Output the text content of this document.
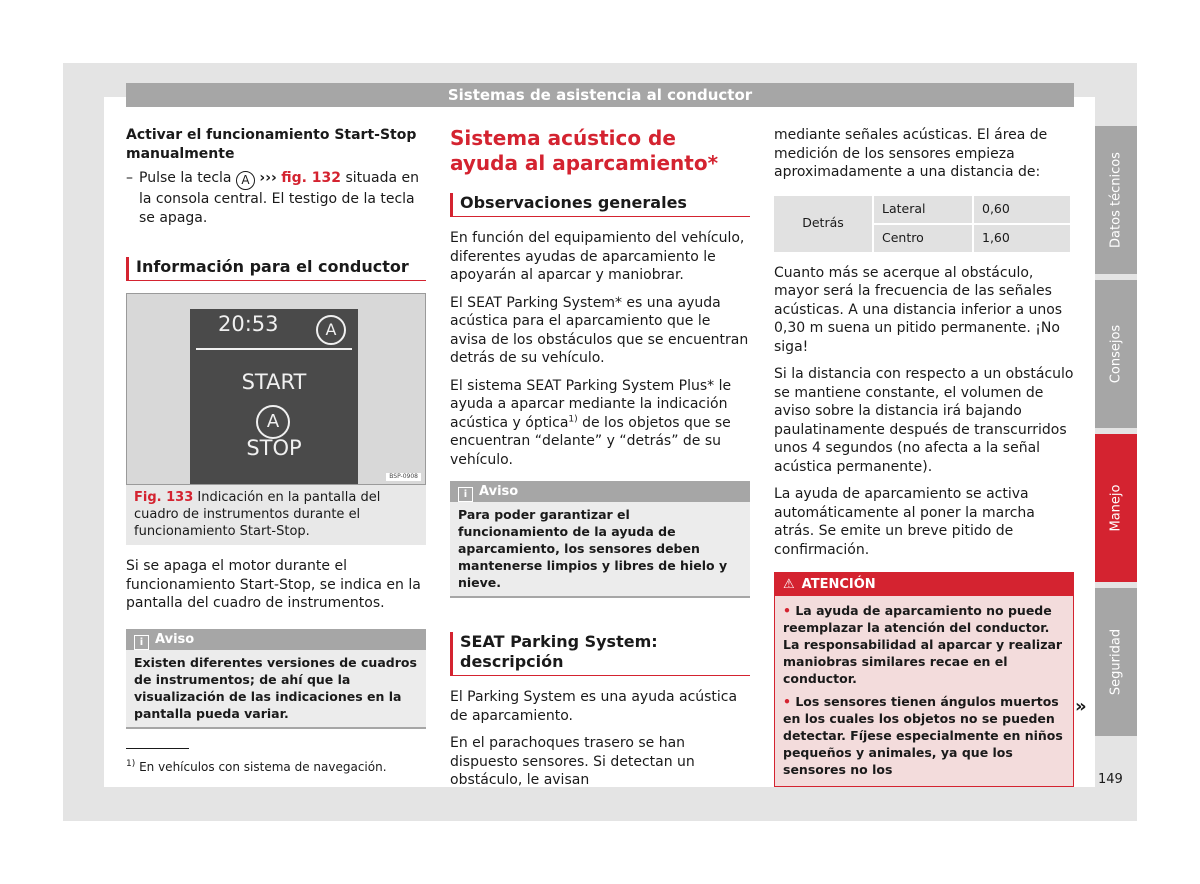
Sistemas de asistencia al conductor
Datos técnicos
Consejos
Manejo
Seguridad

Activar el funcionamiento Start-Stop manualmente

– Pulse la tecla A ››› fig. 132 situada en la consola central. El testigo de la tecla se apaga.
Información para el conductor
20:53	A
START
A
STOP
BSP-0908
Fig. 133 Indicación en la pantalla del cuadro de instrumentos durante el funcionamiento Start-Stop.

Si se apaga el motor durante el funcionamiento Start-Stop, se indica en la pantalla del cuadro de instrumentos.

i Aviso
Existen diferentes versiones de cuadros de instrumentos; de ahí que la visualización de las indicaciones en la pantalla pueda variar.
Sistema acústico de ayuda al aparcamiento*
Observaciones generales

En función del equipamiento del vehículo, diferentes ayudas de aparcamiento le apoyarán al aparcar y maniobrar.

El SEAT Parking System* es una ayuda acústica para el aparcamiento que le avisa de los obstáculos que se encuentran detrás de su vehículo.

El sistema SEAT Parking System Plus* le ayuda a aparcar mediante la indicación acústica y óptica$^{1)}$ de los objetos que se encuentran “delante” y “detrás” de su vehículo.

i Aviso
Para poder garantizar el funcionamiento de la ayuda de aparcamiento, los sensores deben mantenerse limpios y libres de hielo y nieve.
SEAT Parking System: descripción

El Parking System es una ayuda acústica de aparcamiento.

En el parachoques trasero se han dispuesto sensores. Si detectan un obstáculo, le avisan

mediante señales acústicas. El área de medición de los sensores empieza aproximadamente a una distancia de:

Detrás	Lateral	0,60
	Centro	1,60

Cuanto más se acerque al obstáculo, mayor será la frecuencia de las señales acústicas. A una distancia inferior a unos 0,30 m suena un pitido permanente. ¡No siga!

Si la distancia con respecto a un obstáculo se mantiene constante, el volumen de aviso sobre la distancia irá bajando paulatinamente después de transcurridos unos 4 segundos (no afecta a la señal acústica permanente).

La ayuda de aparcamiento se activa automáticamente al poner la marcha atrás. Se emite un breve pitido de confirmación.

⚠ ATENCIÓN

• La ayuda de aparcamiento no puede reemplazar la atención del conductor. La responsabilidad al aparcar y realizar maniobras similares recae en el conductor.

• Los sensores tienen ángulos muertos en los cuales los objetos no se pueden detectar. Fíjese especialmente en niños pequeños y animales, ya que los sensores no los

»
$^{1)}$ En vehículos con sistema de navegación.
149
